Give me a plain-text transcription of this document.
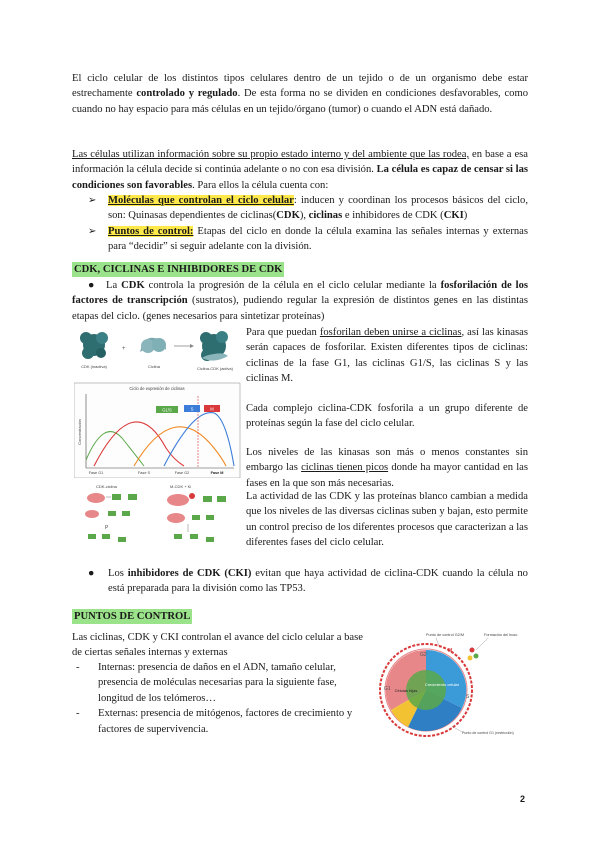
El ciclo celular de los distintos tipos celulares dentro de un tejido o de un organismo debe estar estrechamente controlado y regulado. De esta forma no se dividen en condiciones desfavorables, como cuando no hay espacio para más células en un tejido/órgano (tumor) o cuando el ADN está dañado.

Las células utilizan información sobre su propio estado interno y del ambiente que las rodea, en base a esa información la célula decide si continúa adelante o no con esa división. La célula es capaz de censar si las condiciones son favorables. Para ellos la célula cuenta con:

➢	Moléculas que controlan el ciclo celular: inducen y coordinan los procesos básicos del ciclo, son: Quinasas dependientes de ciclinas(CDK), ciclinas e inhibidores de CDK (CKI)

➢	Puntos de control: Etapas del ciclo en donde la célula examina las señales internas y externas para “decidir” si seguir adelante con la división.

CDK, CICLINAS E INHIBIDORES DE CDK
●	La CDK controla la progresión de la célula en el ciclo celular mediante la fosforilación de los factores de transcripción (sustratos), pudiendo regular la expresión de distintos genes en las distintas etapas del ciclo. (genes necesarios para sintetizar proteínas)

CDK (inactiva)
+
Ciclina	Ciclina-CDK (activa)
Ciclo de expresión de ciclinas
Concentración
G1/S	S	M
Fase G1	Fase S	Fase G2	Fase M
CDK-ciclina	M-CDK + Ki
P

Para que puedan fosforilan deben unirse a ciclinas, así las kinasas serán capaces de fosforilar. Existen diferentes tipos de ciclinas: ciclinas de la fase G1, las ciclinas G1/S, las ciclinas S y las ciclinas M.

Cada complejo ciclina-CDK fosforila a un grupo diferente de proteínas según la fase del ciclo celular.

Los niveles de las kinasas son más o menos constantes sin embargo las ciclinas tienen picos donde ha mayor cantidad en las fases en la que son más necesarias.

La actividad de las CDK y las proteínas blanco cambian a medida que los niveles de las diversas ciclinas suben y bajan, esto permite un control preciso de los diferentes procesos que caracterizan a las diferentes fases del ciclo celular.

● Los inhibidores de CDK (CKI) evitan que haya actividad de ciclina-CDK cuando la célula no está preparada para la división como las TP53.

PUNTOS DE CONTROL

Las ciclinas, CDK y CKI controlan el avance del ciclo celular a base de ciertas señales internas y externas

-	Internas: presencia de daños en el ADN, tamaño celular, presencia de moléculas necesarias para la siguiente fase, longitud de los telómeros…

-	Externas: presencia de mitógenos, factores de crecimiento y factores de supervivencia.

Punto de control G2/M	Formación del huso
M
G2
G1
S
Células hijas
Crecimiento celular
Punto de control G1 (restricción)
2
